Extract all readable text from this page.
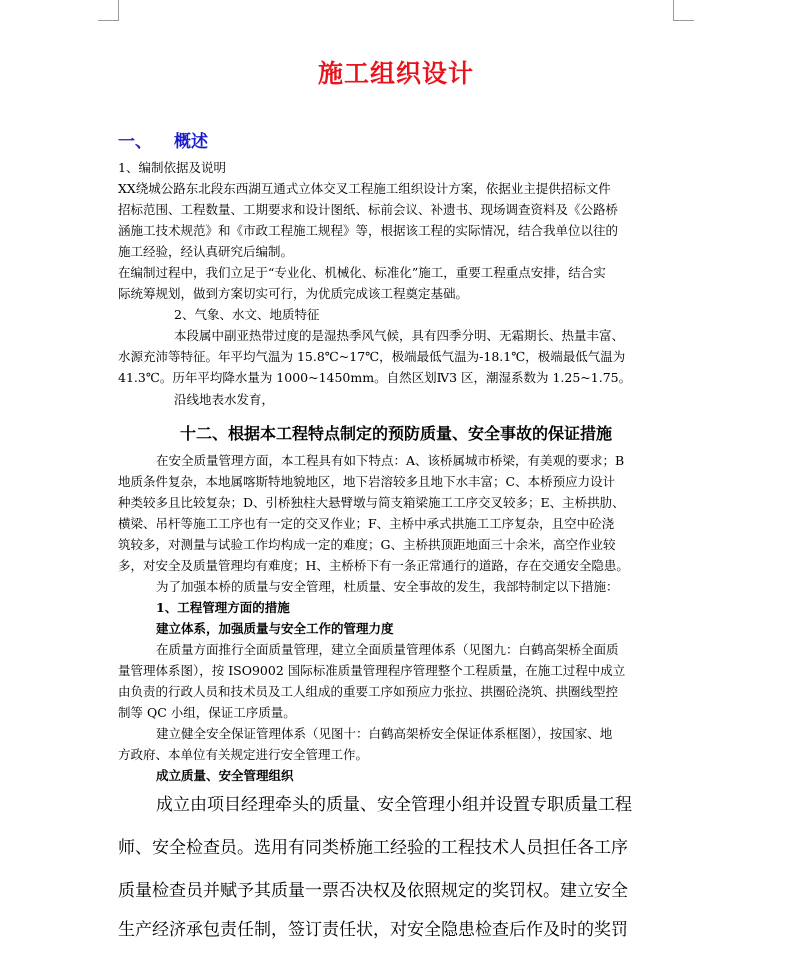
施工组织设计
一、 概述
1、编制依据及说明
XX绕城公路东北段东西湖互通式立体交叉工程施工组织设计方案，依据业主提供招标文件
招标范围、工程数量、工期要求和设计图纸、标前会议、补遗书、现场调查资料及《公路桥
涵施工技术规范》和《市政工程施工规程》等，根据该工程的实际情况，结合我单位以往的
施工经验，经认真研究后编制。
在编制过程中，我们立足于“专业化、机械化、标准化”施工，重要工程重点安排，结合实
际统筹规划，做到方案切实可行，为优质完成该工程奠定基础。
2、气象、水文、地质特征
本段属中副亚热带过度的是湿热季风气候，具有四季分明、无霜期长、热量丰富、
水源充沛等特征。年平均气温为 15.8℃~17℃，极端最低气温为-18.1℃，极端最低气温为
41.3℃。历年平均降水量为 1000~1450mm。自然区划Ⅳ3 区，潮湿系数为 1.25~1.75。
沿线地表水发育，
十二、根据本工程特点制定的预防质量、安全事故的保证措施
在安全质量管理方面，本工程具有如下特点：A、该桥属城市桥梁，有美观的要求；B
地质条件复杂，本地属喀斯特地貌地区，地下岩溶较多且地下水丰富；C、本桥预应力设计
种类较多且比较复杂；D、引桥独柱大悬臂墩与简支箱梁施工工序交叉较多；E、主桥拱肋、
横梁、吊杆等施工工序也有一定的交叉作业；F、主桥中承式拱施工工序复杂，且空中砼浇
筑较多，对测量与试验工作均构成一定的难度；G、主桥拱顶距地面三十余米，高空作业较
多，对安全及质量管理均有难度；H、主桥桥下有一条正常通行的道路，存在交通安全隐患。
为了加强本桥的质量与安全管理，杜质量、安全事故的发生，我部特制定以下措施：
1、工程管理方面的措施
建立体系，加强质量与安全工作的管理力度
在质量方面推行全面质量管理，建立全面质量管理体系（见图九：白鹤高架桥全面质
量管理体系图），按 ISO9002 国际标准质量管理程序管理整个工程质量，在施工过程中成立
由负责的行政人员和技术员及工人组成的重要工序如预应力张拉、拱圈砼浇筑、拱圈线型控
制等 QC 小组，保证工序质量。
建立健全安全保证管理体系（见图十：白鹤高架桥安全保证体系框图），按国家、地
方政府、本单位有关规定进行安全管理工作。
成立质量、安全管理组织
成立由项目经理牵头的质量、安全管理小组并设置专职质量工程
师、安全检查员。选用有同类桥施工经验的工程技术人员担任各工序
质量检查员并赋予其质量一票否决权及依照规定的奖罚权。建立安全
生产经济承包责任制，签订责任状，对安全隐患检查后作及时的奖罚
